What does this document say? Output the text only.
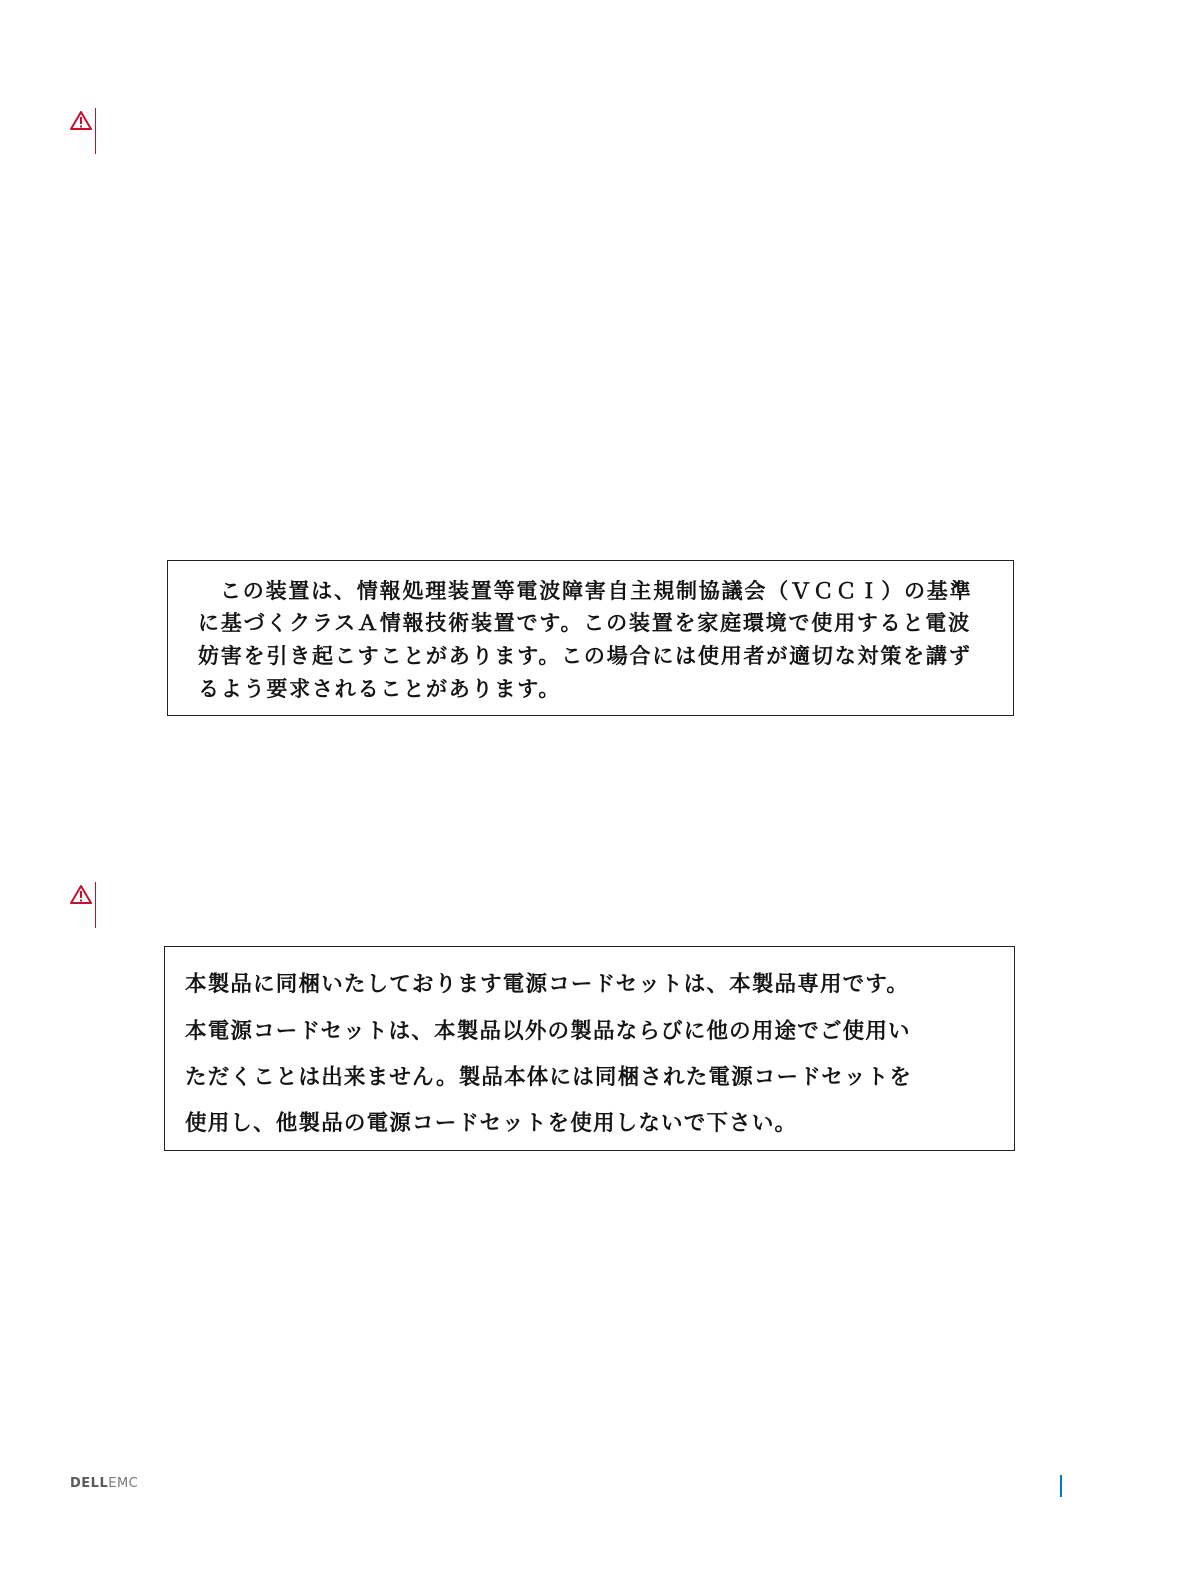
この装置は、情報処理装置等電波障害自主規制協議会（ＶＣＣＩ）の基準
に基づくクラスＡ情報技術装置です。この装置を家庭環境で使用すると電波
妨害を引き起こすことがあります。この場合には使用者が適切な対策を講ず
るよう要求されることがあります。
本製品に同梱いたしております電源コードセットは、本製品専用です。
本電源コードセットは、本製品以外の製品ならびに他の用途でご使用い
ただくことは出来ません。製品本体には同梱された電源コードセットを
使用し、他製品の電源コードセットを使用しないで下さい。
DELLEMC
